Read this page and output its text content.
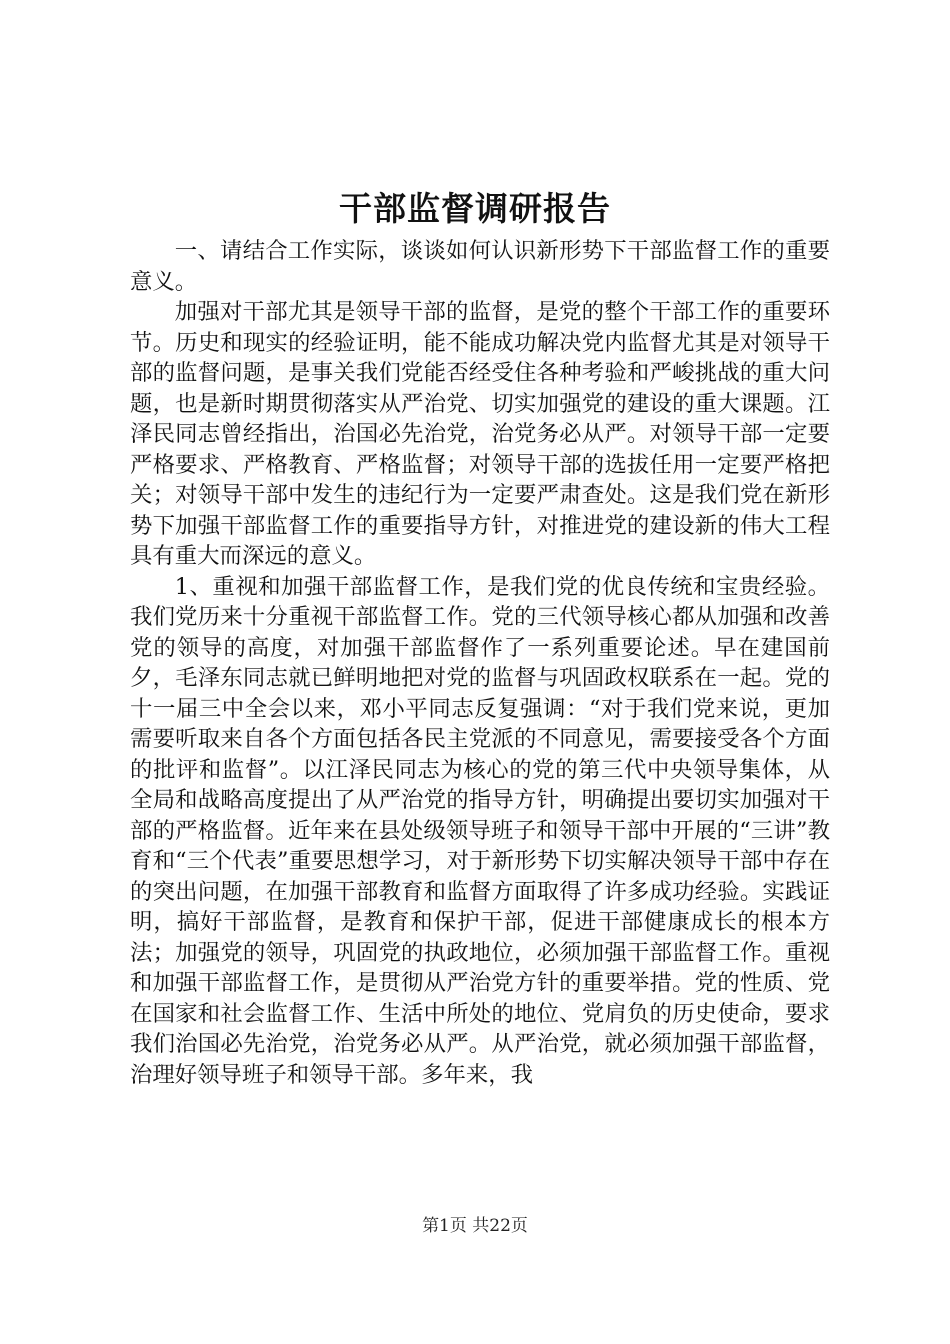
干部监督调研报告

一、请结合工作实际，谈谈如何认识新形势下干部监督工作的重要意义。

加强对干部尤其是领导干部的监督，是党的整个干部工作的重要环节。历史和现实的经验证明，能不能成功解决党内监督尤其是对领导干部的监督问题，是事关我们党能否经受住各种考验和严峻挑战的重大问题，也是新时期贯彻落实从严治党、切实加强党的建设的重大课题。江泽民同志曾经指出，治国必先治党，治党务必从严。对领导干部一定要严格要求、严格教育、严格监督；对领导干部的选拔任用一定要严格把关；对领导干部中发生的违纪行为一定要严肃查处。这是我们党在新形势下加强干部监督工作的重要指导方针，对推进党的建设新的伟大工程具有重大而深远的意义。

1、重视和加强干部监督工作，是我们党的优良传统和宝贵经验。我们党历来十分重视干部监督工作。党的三代领导核心都从加强和改善党的领导的高度，对加强干部监督作了一系列重要论述。早在建国前夕，毛泽东同志就已鲜明地把对党的监督与巩固政权联系在一起。党的十一届三中全会以来，邓小平同志反复强调：“对于我们党来说，更加需要听取来自各个方面包括各民主党派的不同意见，需要接受各个方面的批评和监督”。以江泽民同志为核心的党的第三代中央领导集体，从全局和战略高度提出了从严治党的指导方针，明确提出要切实加强对干部的严格监督。近年来在县处级领导班子和领导干部中开展的“三讲”教育和“三个代表”重要思想学习，对于新形势下切实解决领导干部中存在的突出问题，在加强干部教育和监督方面取得了许多成功经验。实践证明，搞好干部监督，是教育和保护干部，促进干部健康成长的根本方法；加强党的领导，巩固党的执政地位，必须加强干部监督工作。重视和加强干部监督工作，是贯彻从严治党方针的重要举措。党的性质、党在国家和社会监督工作、生活中所处的地位、党肩负的历史使命，要求我们治国必先治党，治党务必从严。从严治党，就必须加强干部监督，治理好领导班子和领导干部。多年来，我

第1页 共22页
